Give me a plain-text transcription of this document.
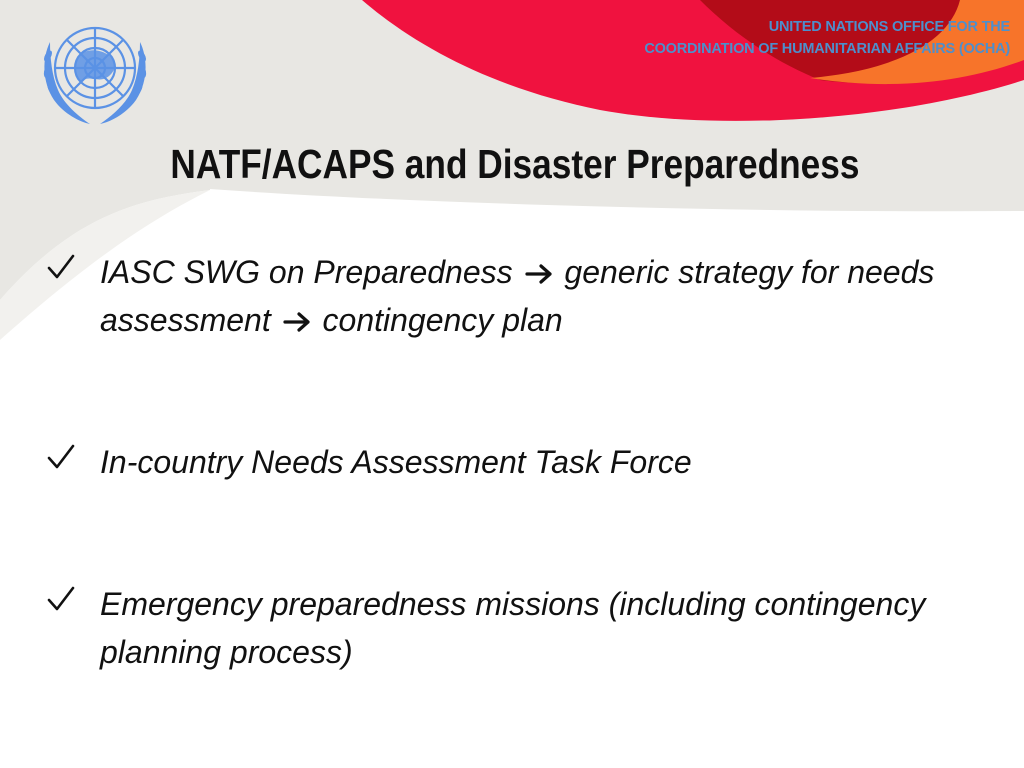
UNITED NATIONS OFFICE FOR THE
COORDINATION OF HUMANITARIAN AFFAIRS (OCHA)
NATF/ACAPS and Disaster Preparedness
IASC SWG on Preparedness generic strategy for needs assessment contingency plan
In-country Needs Assessment Task Force
Emergency preparedness missions (including contingency planning process)
